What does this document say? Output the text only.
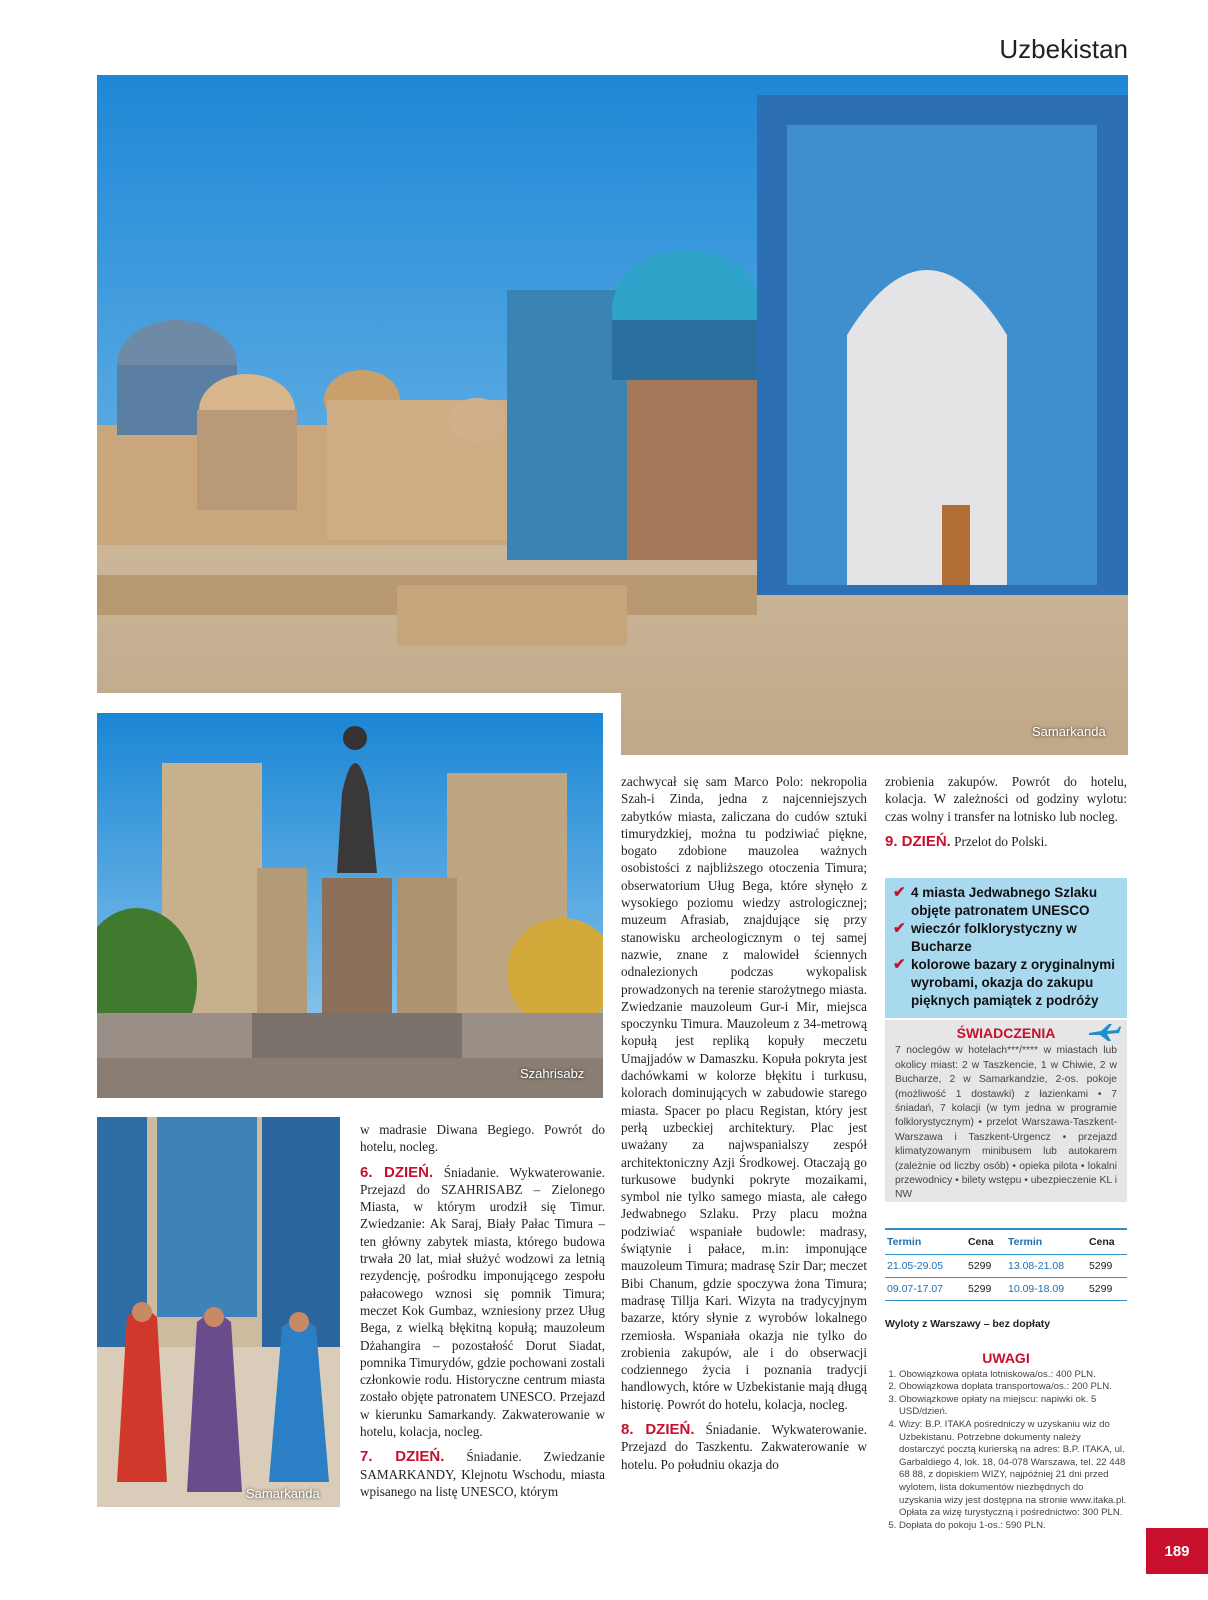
Uzbekistan
Samarkanda
Szahrisabz
Samarkanda

w madrasie Diwana Begiego. Powrót do hotelu, nocleg.

6. DZIEŃ. Śniadanie. Wykwaterowanie. Przejazd do SZAHRISABZ – Zielonego Miasta, w którym urodził się Timur. Zwiedzanie: Ak Saraj, Biały Pałac Timura – ten główny zabytek miasta, którego budowa trwała 20 lat, miał służyć wodzowi za letnią rezydencję, pośrodku imponującego zespołu pałacowego wznosi się pomnik Timura; meczet Kok Gumbaz, wzniesiony przez Uług Bega, z wielką błękitną kopułą; mauzoleum Dżahangira – pozostałość Dorut Siadat, pomnika Timurydów, gdzie pochowani zostali członkowie rodu. Historyczne centrum miasta zostało objęte patronatem UNESCO. Przejazd w kierunku Samarkandy. Zakwaterowanie w hotelu, kolacja, nocleg.

7. DZIEŃ. Śniadanie. Zwiedzanie SAMARKANDY, Klejnotu Wschodu, miasta wpisanego na listę UNESCO, którym

zachwycał się sam Marco Polo: nekropolia Szah-i Zinda, jedna z najcenniejszych zabytków miasta, zaliczana do cudów sztuki timurydzkiej, można tu podziwiać piękne, bogato zdobione mauzolea ważnych osobistości z najbliższego otoczenia Timura; obserwatorium Uług Bega, które słynęło z wysokiego poziomu wiedzy astrologicznej; muzeum Afrasiab, znajdujące się przy stanowisku archeologicznym o tej samej nazwie, znane z malowideł ściennych odnalezionych podczas wykopalisk prowadzonych na terenie starożytnego miasta. Zwiedzanie mauzoleum Gur-i Mir, miejsca spoczynku Timura. Mauzoleum z 34-metrową kopułą jest repliką kopuły meczetu Umajjadów w Damaszku. Kopuła pokryta jest dachówkami w kolorze błękitu i turkusu, kolorach dominujących w zabudowie starego miasta. Spacer po placu Registan, który jest perłą uzbeckiej architektury. Plac jest uważany za najwspanialszy zespół architektoniczny Azji Środkowej. Otaczają go turkusowe budynki pokryte mozaikami, symbol nie tylko samego miasta, ale całego Jedwabnego Szlaku. Przy placu można podziwiać wspaniałe budowle: madrasy, świątynie i pałace, m.in: imponujące mauzoleum Timura; madrasę Szir Dar; meczet Bibi Chanum, gdzie spoczywa żona Timura; madrasę Tillja Kari. Wizyta na tradycyjnym bazarze, który słynie z wyrobów lokalnego rzemiosła. Wspaniała okazja nie tylko do zrobienia zakupów, ale i do obserwacji codziennego życia i poznania tradycji handlowych, które w Uzbekistanie mają długą historię. Powrót do hotelu, kolacja, nocleg.

8. DZIEŃ. Śniadanie. Wykwaterowanie. Przejazd do Taszkentu. Zakwaterowanie w hotelu. Po południu okazja do

zrobienia zakupów. Powrót do hotelu, kolacja. W zależności od godziny wylotu: czas wolny i transfer na lotnisko lub nocleg.

9. DZIEŃ. Przelot do Polski.

✔ 4 miasta Jedwabnego Szlaku objęte patronatem UNESCO
✔ wieczór folklorystyczny w Bucharze
✔ kolorowe bazary z oryginalnymi wyrobami, okazja do zakupu pięknych pamiątek z podróży
ŚWIADCZENIA
7 noclegów w hotelach***/**** w miastach lub okolicy miast: 2 w Taszkencie, 1 w Chiwie, 2 w Bucharze, 2 w Samarkandzie, 2-os. pokoje (możliwość 1 dostawki) z łazienkami • 7 śniadań, 7 kolacji (w tym jedna w programie folklorystycznym) • przelot Warszawa-Taszkent-Warszawa i Taszkent-Urgencz • przejazd klimatyzowanym minibusem lub autokarem (zależnie od liczby osób) • opieka pilota • lokalni przewodnicy • bilety wstępu • ubezpieczenie KL i NW
Termin	Cena	Termin	Cena
21.05-29.05	5299	13.08-21.08	5299
09.07-17.07	5299	10.09-18.09	5299
Wyloty z Warszawy – bez dopłaty
UWAGI
1. Obowiązkowa opłata lotniskowa/os.: 400 PLN.
2. Obowiązkowa dopłata transportowa/os.: 200 PLN.
3. Obowiązkowe opłaty na miejscu: napiwki ok. 5 USD/dzień.
4. Wizy: B.P. ITAKA pośredniczy w uzyskaniu wiz do Uzbekistanu. Potrzebne dokumenty należy dostarczyć pocztą kurierską na adres: B.P. ITAKA, ul. Garbaldiego 4, lok. 18, 04-078 Warszawa, tel. 22 448 68 88, z dopiskiem WIZY, najpóźniej 21 dni przed wylotem, lista dokumentów niezbędnych do uzyskania wizy jest dostępna na stronie www.itaka.pl. Opłata za wizę turystyczną i pośrednictwo: 300 PLN.
5. Dopłata do pokoju 1-os.: 590 PLN.
189
